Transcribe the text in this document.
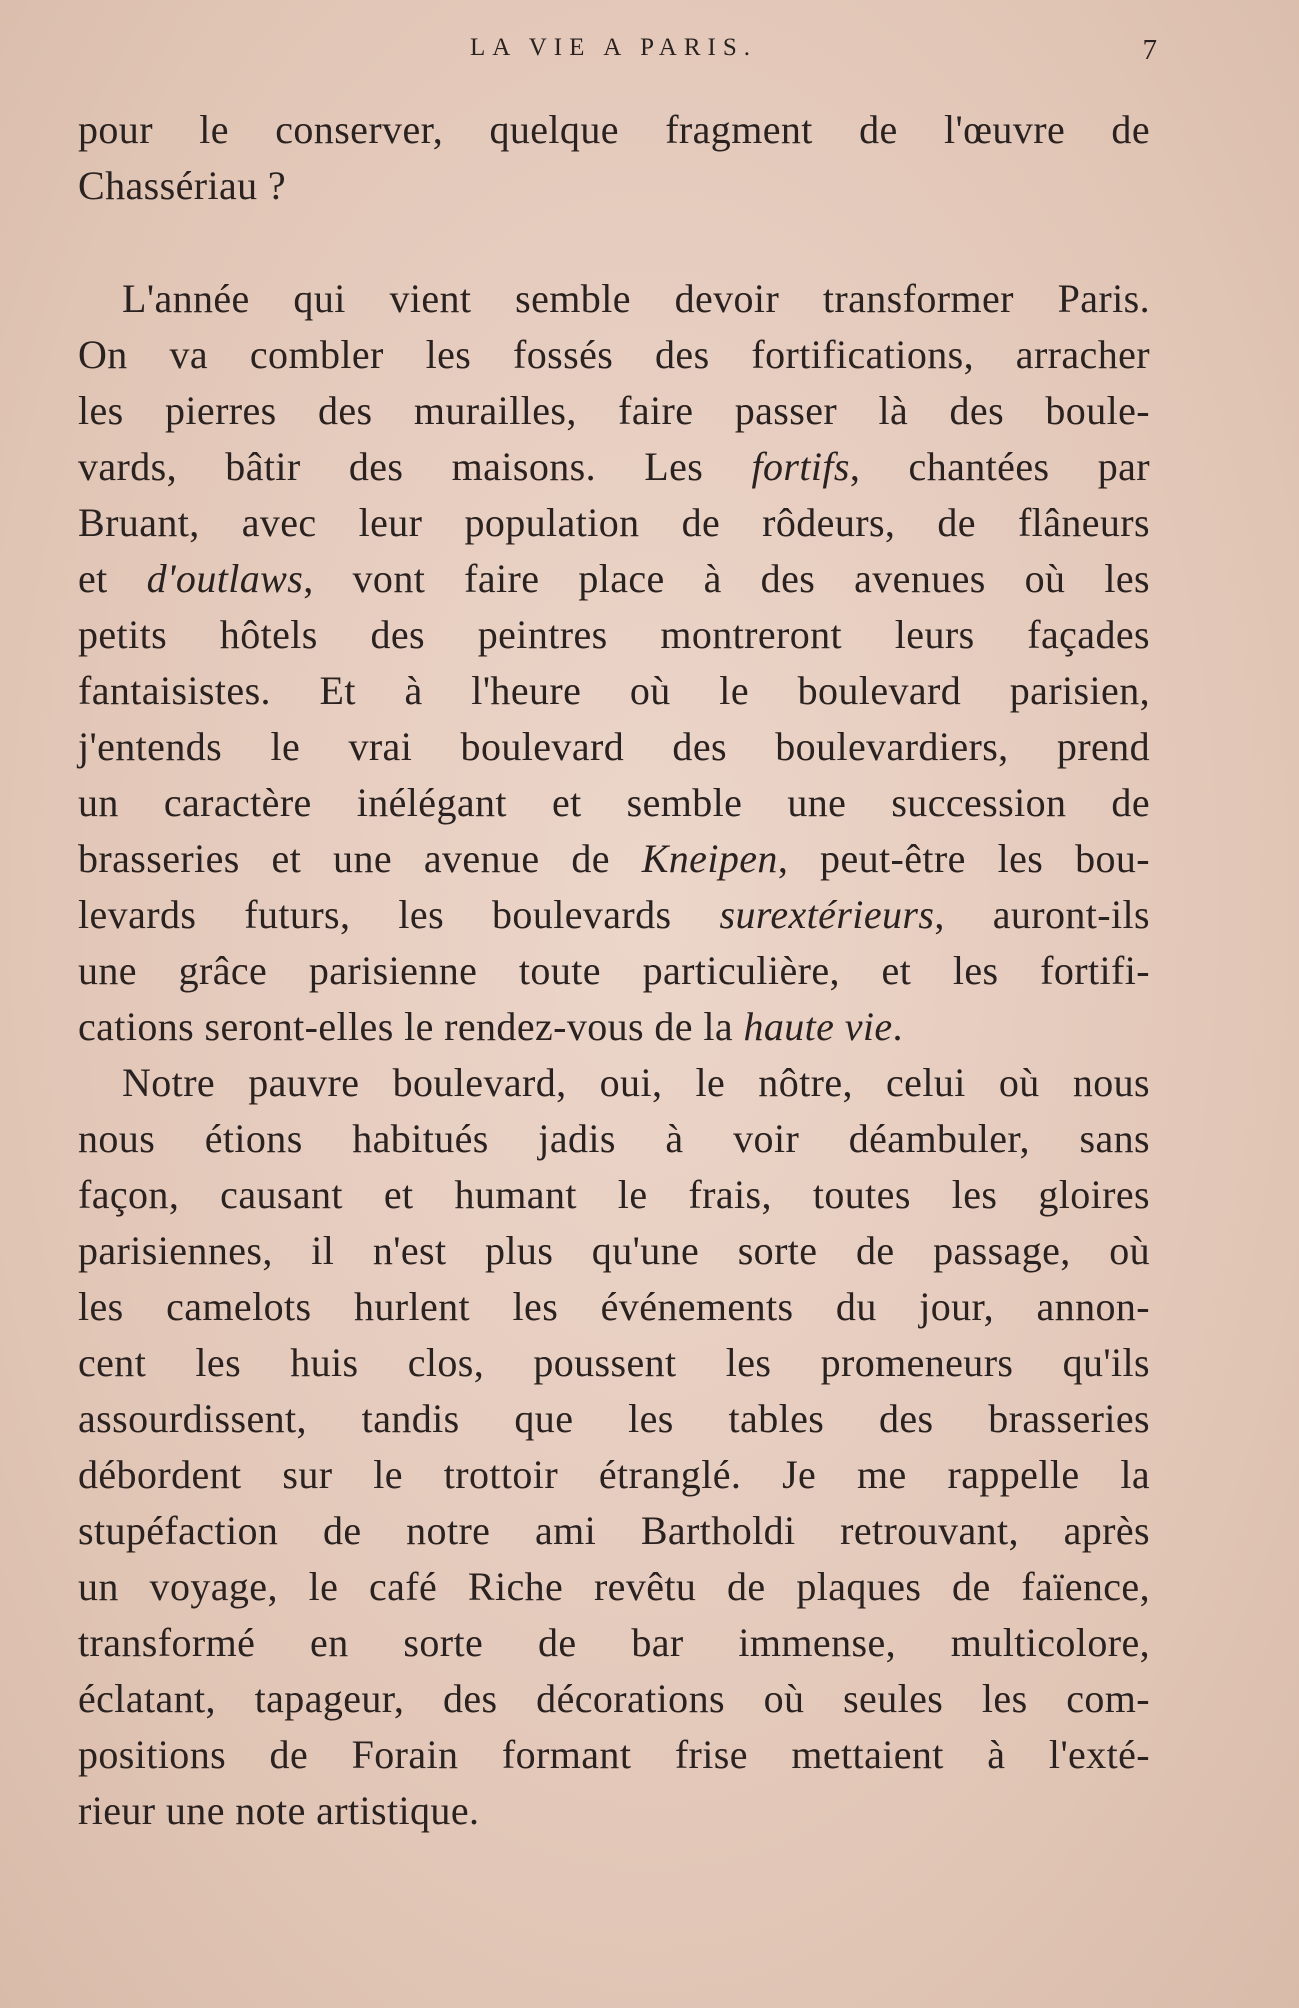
LA VIE A PARIS.	7
pour le conserver, quelque fragment de l'œuvre de
Chassériau ?
L'année qui vient semble devoir transformer Paris.
On va combler les fossés des fortifications, arracher
les pierres des murailles, faire passer là des boule-
vards, bâtir des maisons. Les fortifs, chantées par
Bruant, avec leur population de rôdeurs, de flâneurs
et d'outlaws, vont faire place à des avenues où les
petits hôtels des peintres montreront leurs façades
fantaisistes. Et à l'heure où le boulevard parisien,
j'entends le vrai boulevard des boulevardiers, prend
un caractère inélégant et semble une succession de
brasseries et une avenue de Kneipen, peut-être les bou-
levards futurs, les boulevards surextérieurs, auront-ils
une grâce parisienne toute particulière, et les fortifi-
cations seront-elles le rendez-vous de la haute vie.
Notre pauvre boulevard, oui, le nôtre, celui où nous
nous étions habitués jadis à voir déambuler, sans
façon, causant et humant le frais, toutes les gloires
parisiennes, il n'est plus qu'une sorte de passage, où
les camelots hurlent les événements du jour, annon-
cent les huis clos, poussent les promeneurs qu'ils
assourdissent, tandis que les tables des brasseries
débordent sur le trottoir étranglé. Je me rappelle la
stupéfaction de notre ami Bartholdi retrouvant, après
un voyage, le café Riche revêtu de plaques de faïence,
transformé en sorte de bar immense, multicolore,
éclatant, tapageur, des décorations où seules les com-
positions de Forain formant frise mettaient à l'exté-
rieur une note artistique.
